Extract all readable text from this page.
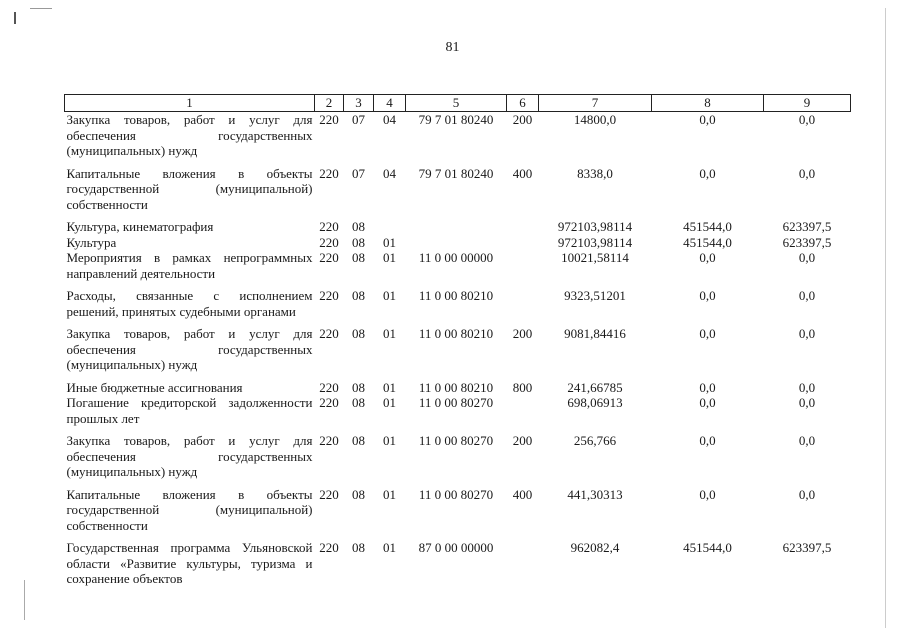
81
1	2	3	4	5	6	7	8	9
Закупка товаров, работ и услуг для обеспечения государственных (муниципальных) нужд	220	07	04	79 7 01 80240	200	14800,0	0,0	0,0
Капитальные вложения в объекты государственной (муниципальной) собственности	220	07	04	79 7 01 80240	400	8338,0	0,0	0,0
Культура, кинематография	220	08				972103,98114	451544,0	623397,5
Культура	220	08	01			972103,98114	451544,0	623397,5
Мероприятия в рамках непрограммных направлений деятельности	220	08	01	11 0 00 00000		10021,58114	0,0	0,0
Расходы, связанные с исполнением решений, принятых судебными органами	220	08	01	11 0 00 80210		9323,51201	0,0	0,0
Закупка товаров, работ и услуг для обеспечения государственных (муниципальных) нужд	220	08	01	11 0 00 80210	200	9081,84416	0,0	0,0
Иные бюджетные ассигнования	220	08	01	11 0 00 80210	800	241,66785	0,0	0,0
Погашение кредиторской задолженности прошлых лет	220	08	01	11 0 00 80270		698,06913	0,0	0,0
Закупка товаров, работ и услуг для обеспечения государственных (муниципальных) нужд	220	08	01	11 0 00 80270	200	256,766	0,0	0,0
Капитальные вложения в объекты государственной (муниципальной) собственности	220	08	01	11 0 00 80270	400	441,30313	0,0	0,0
Государственная программа Ульяновской области «Развитие культуры, туризма и сохранение объектов	220	08	01	87 0 00 00000		962082,4	451544,0	623397,5
